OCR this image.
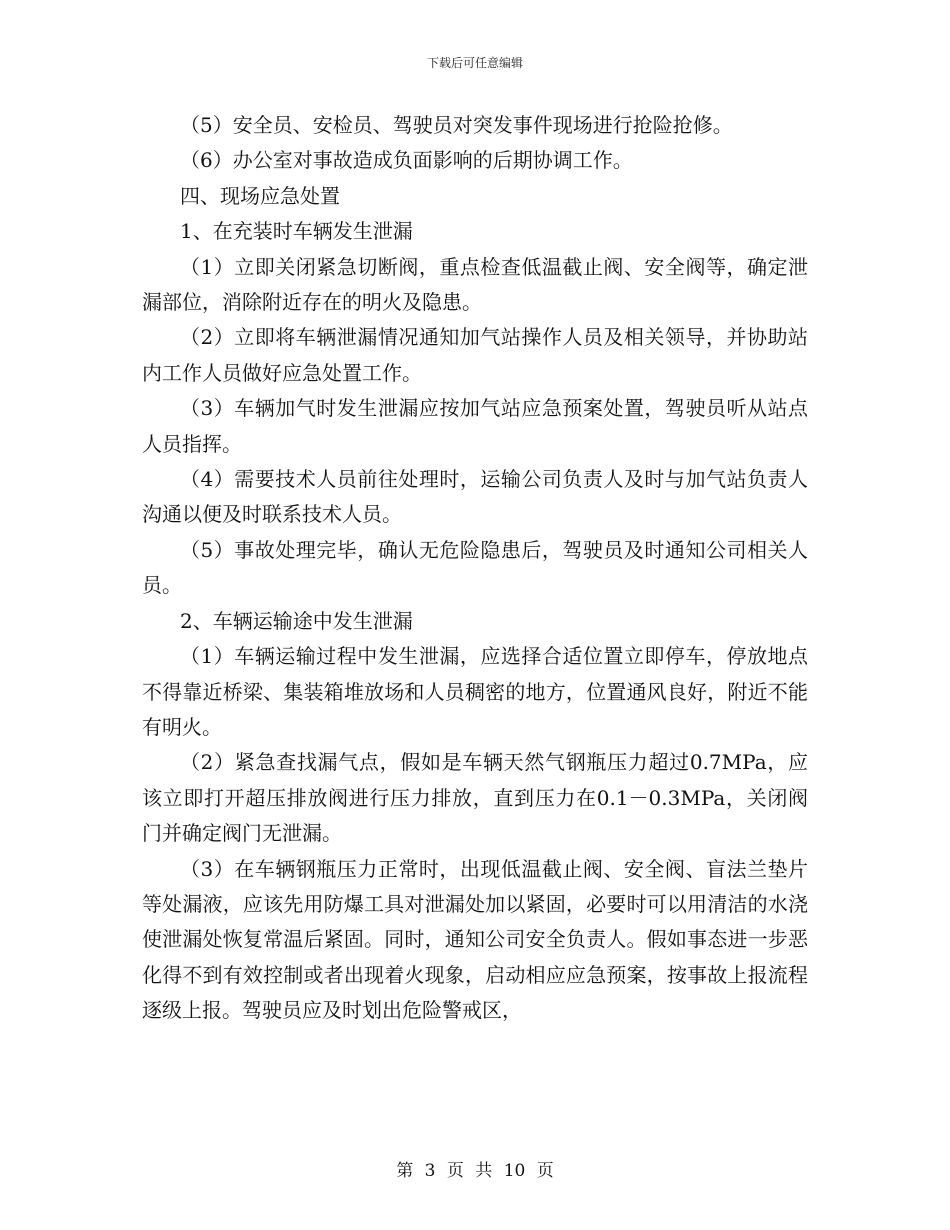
下载后可任意编辑

（5）安全员、安检员、驾驶员对突发事件现场进行抢险抢修。

（6）办公室对事故造成负面影响的后期协调工作。

四、现场应急处置

1、在充装时车辆发生泄漏

（1）立即关闭紧急切断阀，重点检查低温截止阀、安全阀等，确定泄漏部位，消除附近存在的明火及隐患。

（2）立即将车辆泄漏情况通知加气站操作人员及相关领导，并协助站内工作人员做好应急处置工作。

（3）车辆加气时发生泄漏应按加气站应急预案处置，驾驶员听从站点人员指挥。

（4）需要技术人员前往处理时，运输公司负责人及时与加气站负责人沟通以便及时联系技术人员。

（5）事故处理完毕，确认无危险隐患后，驾驶员及时通知公司相关人员。

2、车辆运输途中发生泄漏

（1）车辆运输过程中发生泄漏，应选择合适位置立即停车，停放地点不得靠近桥梁、集装箱堆放场和人员稠密的地方，位置通风良好，附近不能有明火。

（2）紧急查找漏气点，假如是车辆天然气钢瓶压力超过0.7MPa，应该立即打开超压排放阀进行压力排放，直到压力在0.1－0.3MPa，关闭阀门并确定阀门无泄漏。

（3）在车辆钢瓶压力正常时，出现低温截止阀、安全阀、盲法兰垫片等处漏液，应该先用防爆工具对泄漏处加以紧固，必要时可以用清洁的水浇使泄漏处恢复常温后紧固。同时，通知公司安全负责人。假如事态进一步恶化得不到有效控制或者出现着火现象，启动相应应急预案，按事故上报流程逐级上报。驾驶员应及时划出危险警戒区，

第 3 页 共 10 页
